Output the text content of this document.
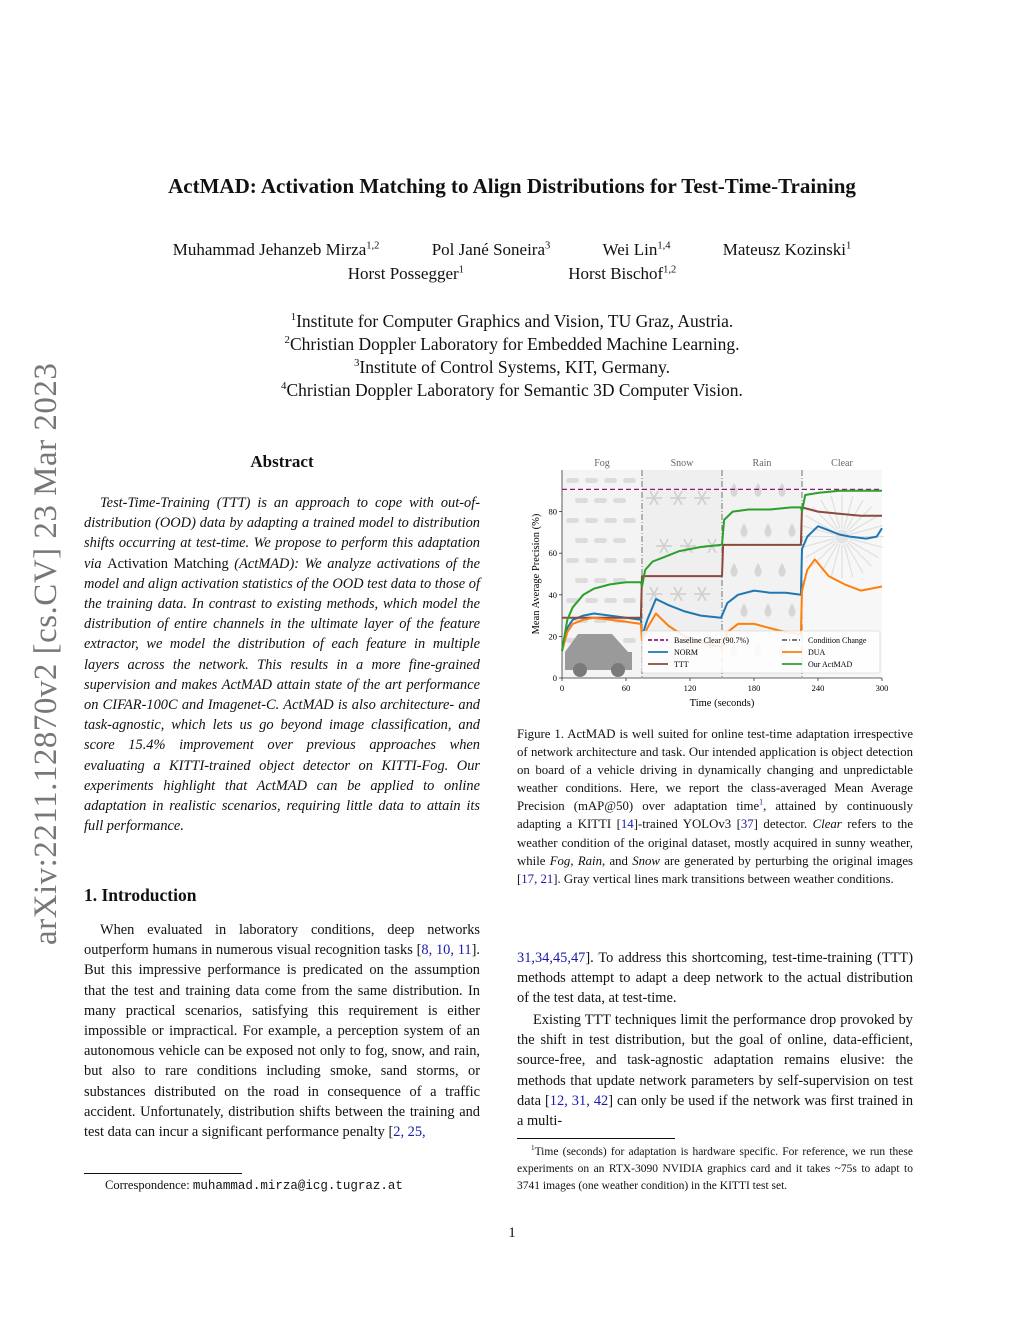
arXiv:2211.12870v2 [cs.CV] 23 Mar 2023
ActMAD: Activation Matching to Align Distributions for Test-Time-Training
Muhammad Jehanzeb Mirza$^{1,2}$	Pol Jané Soneira$^3$	Wei Lin$^{1,4}$	Mateusz Kozinski$^1$
Horst Possegger$^1$	Horst Bischof$^{1,2}$
$^1$Institute for Computer Graphics and Vision, TU Graz, Austria.
$^2$Christian Doppler Laboratory for Embedded Machine Learning.
$^3$Institute of Control Systems, KIT, Germany.
$^4$Christian Doppler Laboratory for Semantic 3D Computer Vision.
Abstract
Test-Time-Training (TTT) is an approach to cope with out-of-distribution (OOD) data by adapting a trained model to distribution shifts occurring at test-time. We propose to perform this adaptation via Activation Matching (ActMAD): We analyze activations of the model and align activation statistics of the OOD test data to those of the training data. In contrast to existing methods, which model the distribution of entire channels in the ultimate layer of the feature extractor, we model the distribution of each feature in multiple layers across the network. This results in a more fine-grained supervision and makes ActMAD attain state of the art performance on CIFAR-100C and Imagenet-C. ActMAD is also architecture- and task-agnostic, which lets us go beyond image classification, and score 15.4% improvement over previous approaches when evaluating a KITTI-trained object detector on KITTI-Fog. Our experiments highlight that ActMAD can be applied to online adaptation in realistic scenarios, requiring little data to attain its full performance.
1. Introduction
When evaluated in laboratory conditions, deep networks outperform humans in numerous visual recognition tasks [8, 10, 11]. But this impressive performance is predicated on the assumption that the test and training data come from the same distribution. In many practical scenarios, satisfying this requirement is either impossible or impractical. For example, a perception system of an autonomous vehicle can be exposed not only to fog, snow, and rain, but also to rare conditions including smoke, sand storms, or substances distributed on the road in consequence of a traffic accident. Unfortunately, distribution shifts between the training and test data can incur a significant performance penalty [2, 25,
Correspondence: muhammad.mirza@icg.tugraz.at
Fog	Snow	Rain	Clear
0	60	120	180	240	300
0
20
40
60
80
Time (seconds)
Mean Average Precision (%)
Baseline Clear (90.7%)	Condition Change
NORM	DUA
TTT	Our ActMAD
Figure 1. ActMAD is well suited for online test-time adaptation irrespective of network architecture and task. Our intended application is object detection on board of a vehicle driving in dynamically changing and unpredictable weather conditions. Here, we report the class-averaged Mean Average Precision (mAP@50) over adaptation time$^1$, attained by continuously adapting a KITTI [14]-trained YOLOv3 [37] detector. Clear refers to the weather condition of the original dataset, mostly acquired in sunny weather, while Fog, Rain, and Snow are generated by perturbing the original images [17, 21]. Gray vertical lines mark transitions between weather conditions.
31,34,45,47]. To address this shortcoming, test-time-training (TTT) methods attempt to adapt a deep network to the actual distribution of the test data, at test-time.
Existing TTT techniques limit the performance drop provoked by the shift in test distribution, but the goal of online, data-efficient, source-free, and task-agnostic adaptation remains elusive: the methods that update network parameters by self-supervision on test data [12, 31, 42] can only be used if the network was first trained in a multi-
$^1$Time (seconds) for adaptation is hardware specific. For reference, we run these experiments on an RTX-3090 NVIDIA graphics card and it takes ~75s to adapt to 3741 images (one weather condition) in the KITTI test set.
1
